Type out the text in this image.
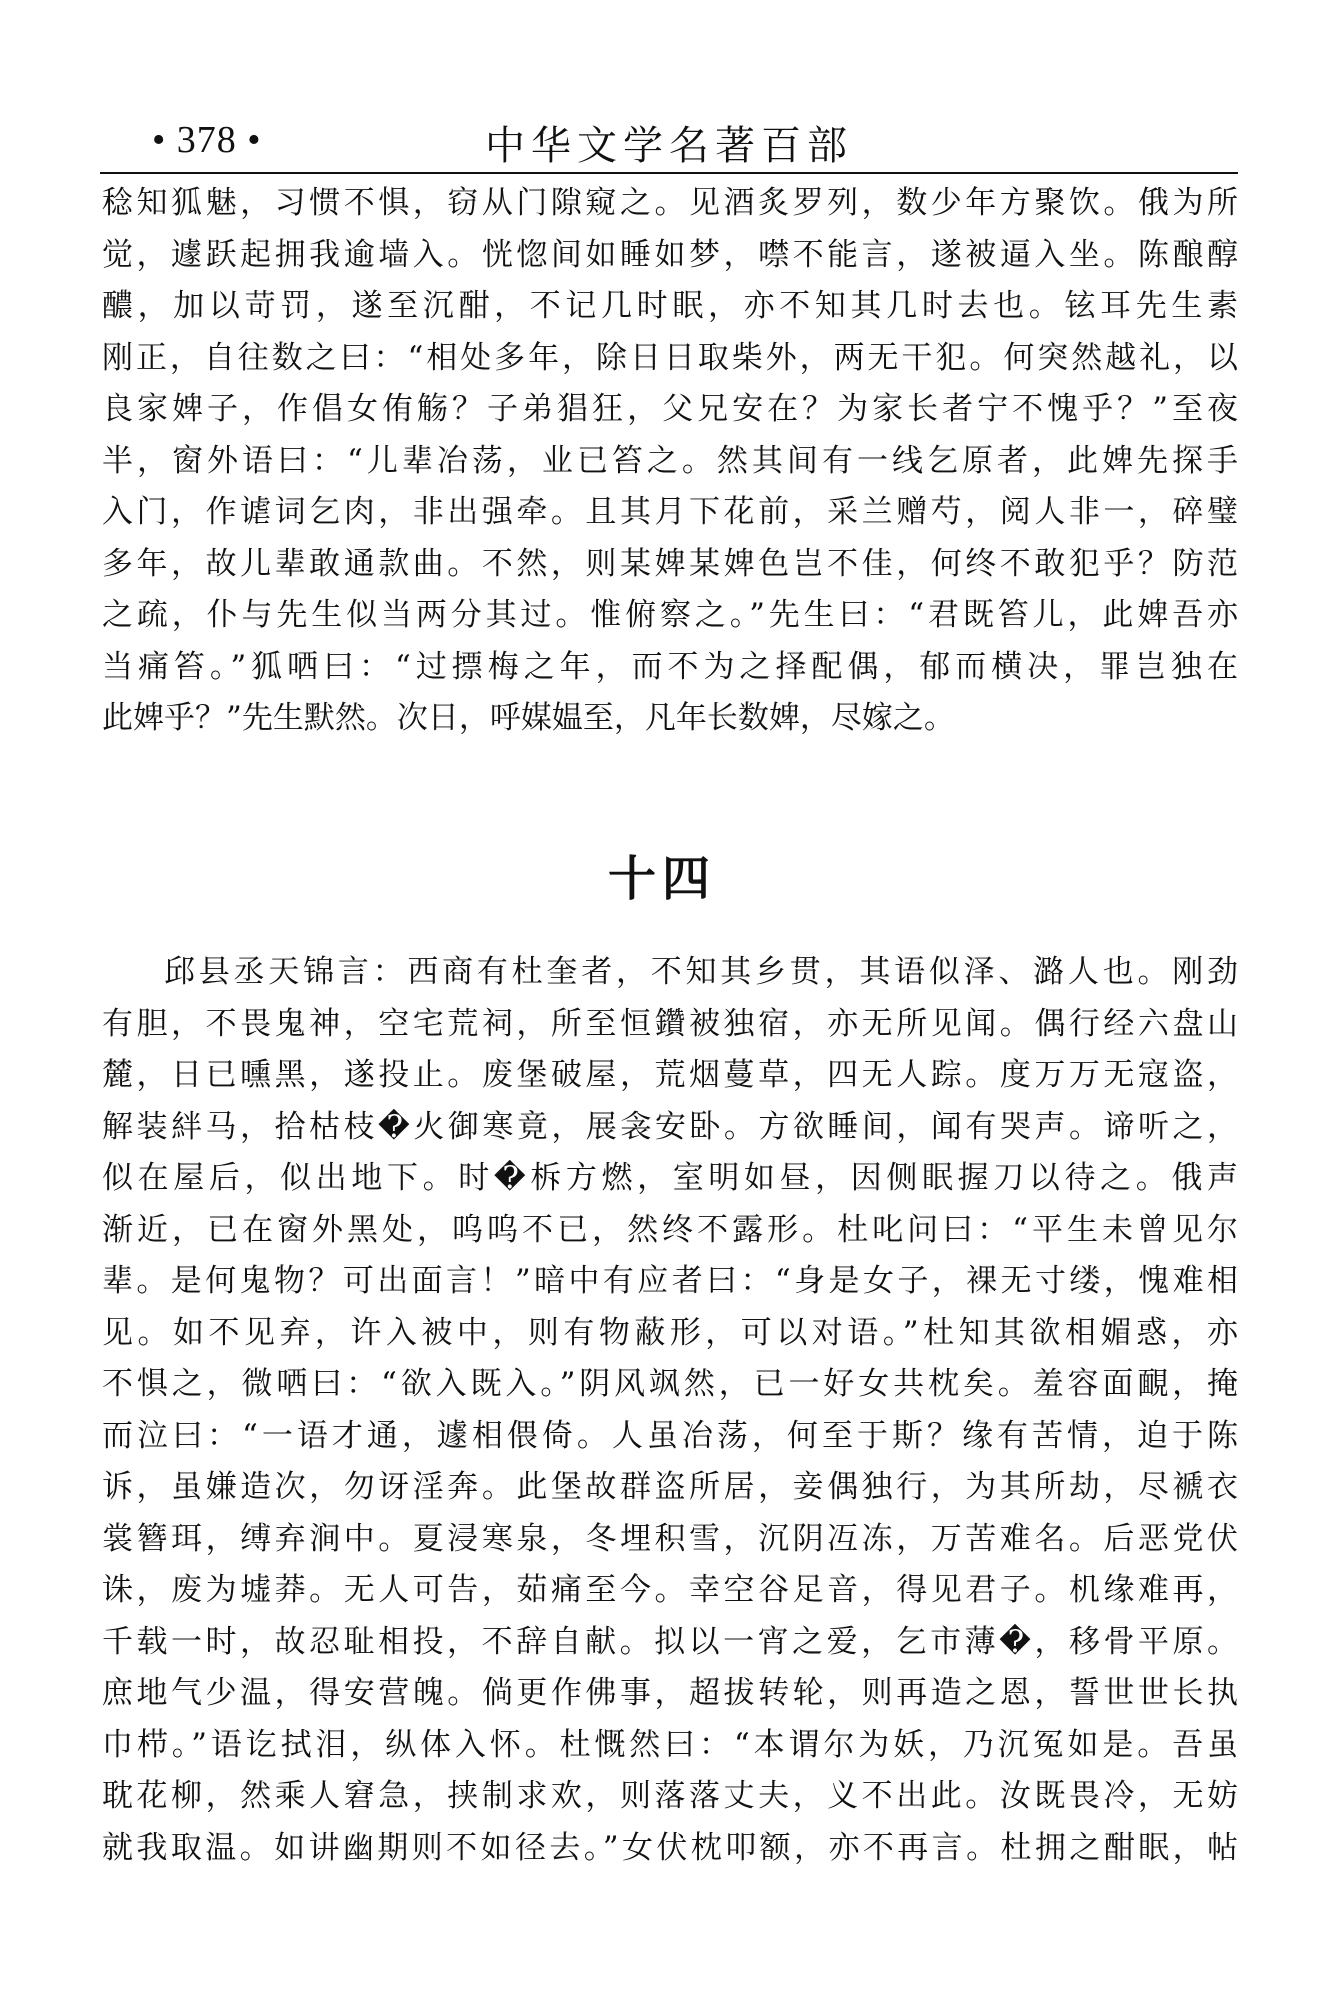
• 378 •	中华文学名著百部
稔知狐魅，习惯不惧，窃从门隙窥之。见酒炙罗列，数少年方聚饮。俄为所
觉，遽跃起拥我逾墙入。恍惚间如睡如梦，噤不能言，遂被逼入坐。陈酿醇
醲，加以苛罚，遂至沉酣，不记几时眠，亦不知其几时去也。铉耳先生素
刚正，自往数之曰：“相处多年，除日日取柴外，两无干犯。何突然越礼，以
良家婢子，作倡女侑觞？子弟猖狂，父兄安在？为家长者宁不愧乎？”至夜
半，窗外语曰：“儿辈冶荡，业已笞之。然其间有一线乞原者，此婢先探手
入门，作谑词乞肉，非出强牵。且其月下花前，采兰赠芍，阅人非一，碎璧
多年，故儿辈敢通款曲。不然，则某婢某婢色岂不佳，何终不敢犯乎？防范
之疏，仆与先生似当两分其过。惟俯察之。”先生曰：“君既笞儿，此婢吾亦
当痛笞。”狐哂曰：“过摽梅之年，而不为之择配偶，郁而横决，罪岂独在
此婢乎？”先生默然。次日，呼媒媪至，凡年长数婢，尽嫁之。
十四
邱县丞天锦言：西商有杜奎者，不知其乡贯，其语似泽、潞人也。刚劲
有胆，不畏鬼神，空宅荒祠，所至恒鑽被独宿，亦无所见闻。偶行经六盘山
麓，日已曛黑，遂投止。废堡破屋，荒烟蔓草，四无人踪。度万万无寇盗，
解装絆马，拾枯枝�火御寒竟，展衾安卧。方欲睡间，闻有哭声。谛听之，
似在屋后，似出地下。时�柝方燃，室明如昼，因侧眠握刀以待之。俄声
渐近，已在窗外黑处，呜呜不已，然终不露形。杜叱问曰：“平生未曾见尔
辈。是何鬼物？可出面言！”暗中有应者曰：“身是女子，裸无寸缕，愧难相
见。如不见弃，许入被中，则有物蔽形，可以对语。”杜知其欲相媚惑，亦
不惧之，微哂曰：“欲入既入。”阴风飒然，已一好女共枕矣。羞容面靦，掩
而泣曰：“一语才通，遽相偎倚。人虽冶荡，何至于斯？缘有苦情，迫于陈
诉，虽嫌造次，勿讶淫奔。此堡故群盗所居，妾偶独行，为其所劫，尽褫衣
裳簪珥，缚弃涧中。夏浸寒泉，冬埋积雪，沉阴冱冻，万苦难名。后恶党伏
诛，废为墟莽。无人可告，茹痛至今。幸空谷足音，得见君子。机缘难再，
千载一时，故忍耻相投，不辞自献。拟以一宵之爱，乞市薄�，移骨平原。
庶地气少温，得安营魄。倘更作佛事，超拔转轮，则再造之恩，誓世世长执
巾栉。”语讫拭泪，纵体入怀。杜慨然曰：“本谓尔为妖，乃沉冤如是。吾虽
耽花柳，然乘人窘急，挟制求欢，则落落丈夫，义不出此。汝既畏冷，无妨
就我取温。如讲幽期则不如径去。”女伏枕叩额，亦不再言。杜拥之酣眠，帖
